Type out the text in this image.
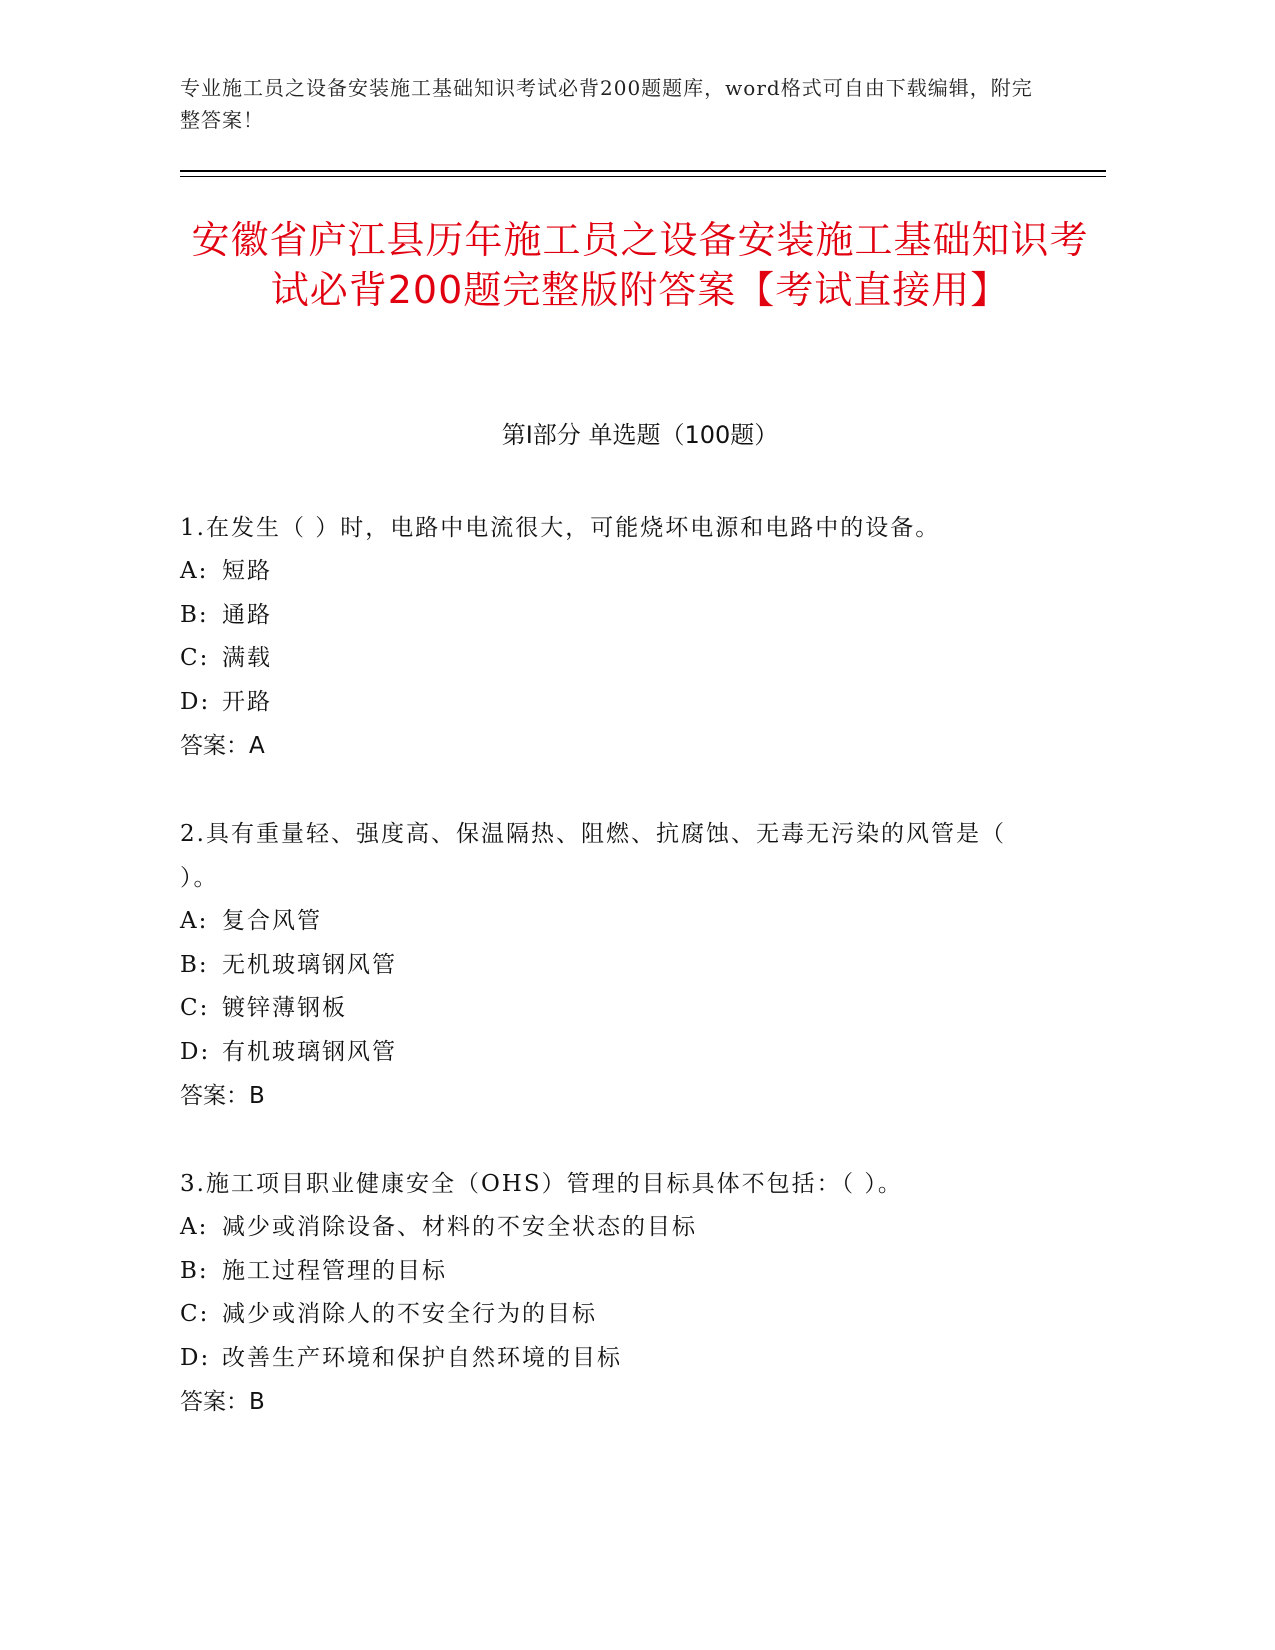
专业施工员之设备安装施工基础知识考试必背200题题库，word格式可自由下载编辑，附完整答案！
安徽省庐江县历年施工员之设备安装施工基础知识考试必背200题完整版附答案【考试直接用】
第I部分 单选题（100题）

1.在发生（ ）时，电路中电流很大，可能烧坏电源和电路中的设备。

A: 短路

B: 通路

C: 满载

D: 开路

答案：A

2.具有重量轻、强度高、保温隔热、阻燃、抗腐蚀、无毒无污染的风管是（ ）。

A: 复合风管

B: 无机玻璃钢风管

C: 镀锌薄钢板

D: 有机玻璃钢风管

答案：B

3.施工项目职业健康安全（OHS）管理的目标具体不包括：（ ）。

A: 减少或消除设备、材料的不安全状态的目标

B: 施工过程管理的目标

C: 减少或消除人的不安全行为的目标

D: 改善生产环境和保护自然环境的目标

答案：B
